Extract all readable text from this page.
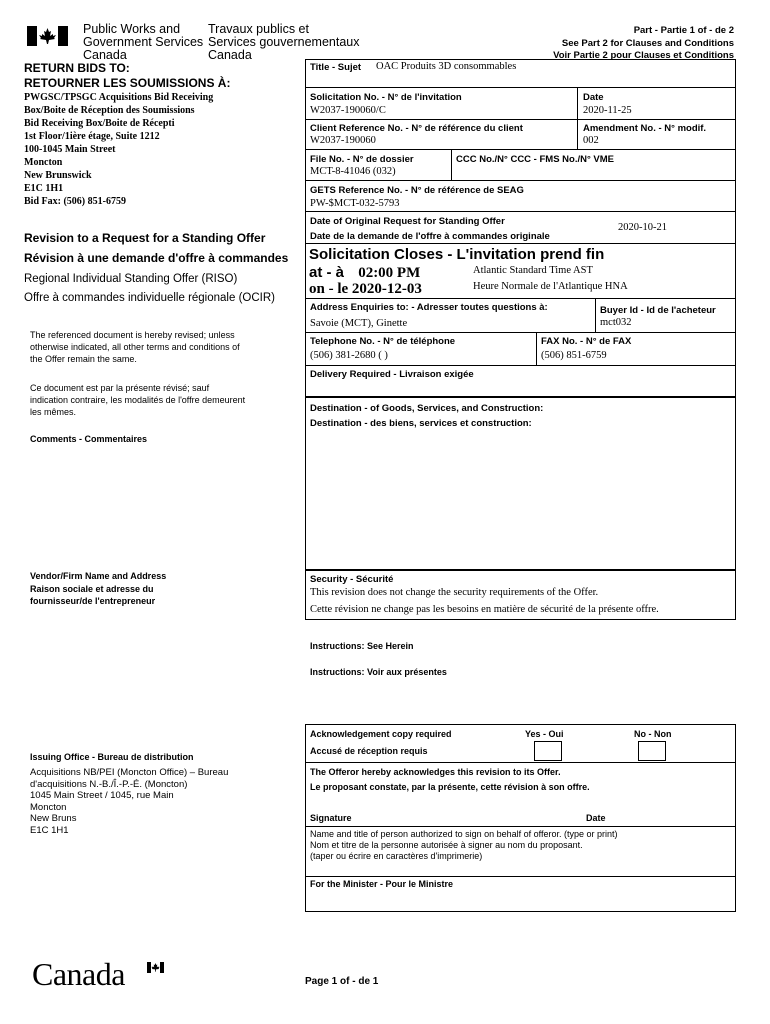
Public Works and
Government Services
Canada
Travaux publics et
Services gouvernementaux
Canada
Part - Partie 1 of - de 2
See Part 2 for Clauses and Conditions
Voir Partie 2 pour Clauses et Conditions
RETURN BIDS TO:
RETOURNER LES SOUMISSIONS À:
PWGSC/TPSGC Acquisitions Bid Receiving
Box/Boite de Réception des Soumissions
Bid Receiving Box/Boite de Récepti
1st Floor/1ière étage, Suite 1212
100-1045 Main Street
Moncton
New Brunswick
E1C 1H1
Bid Fax: (506) 851-6759
Revision to a Request for a Standing Offer
Révision à une demande d'offre à commandes
Regional Individual Standing Offer (RISO)
Offre à commandes individuelle régionale (OCIR)
The referenced document is hereby revised; unless
otherwise indicated, all other terms and conditions of
the Offer remain the same.
Ce document est par la présente révisé; sauf
indication contraire, les modalités de l'offre demeurent
les mêmes.
Comments - Commentaires
Vendor/Firm Name and Address
Raison sociale et adresse du
fournisseur/de l'entrepreneur
Issuing Office - Bureau de distribution
Acquisitions NB/PEI (Moncton Office) – Bureau
d'acquisitions N.-B./Î.-P.-É. (Moncton)
1045 Main Street / 1045, rue Main
Moncton
New Bruns
E1C 1H1
Title - Sujet OAC Produits 3D consommables
Solicitation No. - N° de l'invitation
W2037-190060/C
Date
2020-11-25
Client Reference No. - N° de référence du client
W2037-190060
Amendment No. - N° modif.
002
File No. - N° de dossier
MCT-8-41046 (032)
CCC No./N° CCC - FMS No./N° VME
GETS Reference No. - N° de référence de SEAG
PW-$MCT-032-5793
Date of Original Request for Standing Offer
Date de la demande de l'offre à commandes originale
2020-10-21
Solicitation Closes - L'invitation prend fin
at - à 02:00 PM
on - le 2020-12-03
Atlantic Standard Time AST
Heure Normale de l'Atlantique HNA
Address Enquiries to: - Adresser toutes questions à:
Savoie (MCT), Ginette
Buyer Id - Id de l'acheteur
mct032
Telephone No. - N° de téléphone
(506) 381-2680 ( )
FAX No. - N° de FAX
(506) 851-6759
Delivery Required - Livraison exigée
Destination - of Goods, Services, and Construction:
Destination - des biens, services et construction:
Security - Sécurité
This revision does not change the security requirements of the Offer.
Cette révision ne change pas les besoins en matière de sécurité de la présente offre.
Instructions: See Herein
Instructions: Voir aux présentes
Acknowledgement copy required
Accusé de réception requis
Yes - Oui	No - Non
The Offeror hereby acknowledges this revision to its Offer.
Le proposant constate, par la présente, cette révision à son offre.
Signature	Date
Name and title of person authorized to sign on behalf of offeror. (type or print)
Nom et titre de la personne autorisée à signer au nom du proposant.
(taper ou écrire en caractères d'imprimerie)
For the Minister - Pour le Ministre
Canada	Page 1 of - de 1
